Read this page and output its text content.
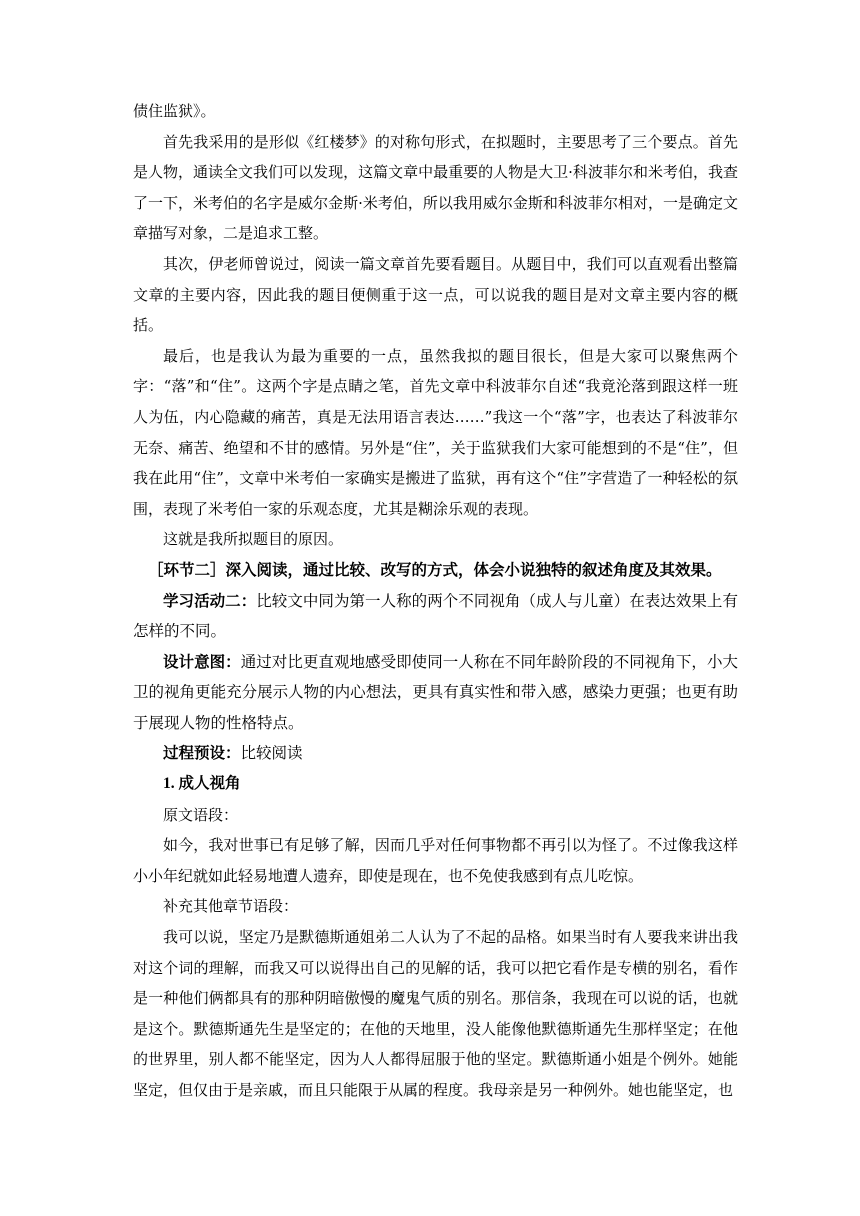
债住监狱》。

首先我采用的是形似《红楼梦》的对称句形式，在拟题时，主要思考了三个要点。首先是人物，通读全文我们可以发现，这篇文章中最重要的人物是大卫·科波菲尔和米考伯，我查了一下，米考伯的名字是威尔金斯·米考伯，所以我用威尔金斯和科波菲尔相对，一是确定文章描写对象，二是追求工整。

其次，伊老师曾说过，阅读一篇文章首先要看题目。从题目中，我们可以直观看出整篇文章的主要内容，因此我的题目便侧重于这一点，可以说我的题目是对文章主要内容的概括。

最后，也是我认为最为重要的一点，虽然我拟的题目很长，但是大家可以聚焦两个字：“落”和“住”。这两个字是点睛之笔，首先文章中科波菲尔自述“我竟沦落到跟这样一班人为伍，内心隐藏的痛苦，真是无法用语言表达……”我这一个“落”字，也表达了科波菲尔无奈、痛苦、绝望和不甘的感情。另外是“住”，关于监狱我们大家可能想到的不是“住”，但我在此用“住”，文章中米考伯一家确实是搬进了监狱，再有这个“住”字营造了一种轻松的氛围，表现了米考伯一家的乐观态度，尤其是糊涂乐观的表现。

这就是我所拟题目的原因。

［环节二］深入阅读，通过比较、改写的方式，体会小说独特的叙述角度及其效果。

学习活动二：比较文中同为第一人称的两个不同视角（成人与儿童）在表达效果上有怎样的不同。

设计意图：通过对比更直观地感受即使同一人称在不同年龄阶段的不同视角下，小大卫的视角更能充分展示人物的内心想法，更具有真实性和带入感，感染力更强；也更有助于展现人物的性格特点。

过程预设：比较阅读

1. 成人视角

原文语段：

如今，我对世事已有足够了解，因而几乎对任何事物都不再引以为怪了。不过像我这样小小年纪就如此轻易地遭人遗弃，即使是现在，也不免使我感到有点儿吃惊。

补充其他章节语段：

我可以说，坚定乃是默德斯通姐弟二人认为了不起的品格。如果当时有人要我来讲出我对这个词的理解，而我又可以说得出自己的见解的话，我可以把它看作是专横的别名，看作是一种他们俩都具有的那种阴暗傲慢的魔鬼气质的别名。那信条，我现在可以说的话，也就是这个。默德斯通先生是坚定的；在他的天地里，没人能像他默德斯通先生那样坚定；在他的世界里，别人都不能坚定，因为人人都得屈服于他的坚定。默德斯通小姐是个例外。她能坚定，但仅由于是亲戚，而且只能限于从属的程度。我母亲是另一种例外。她也能坚定，也
